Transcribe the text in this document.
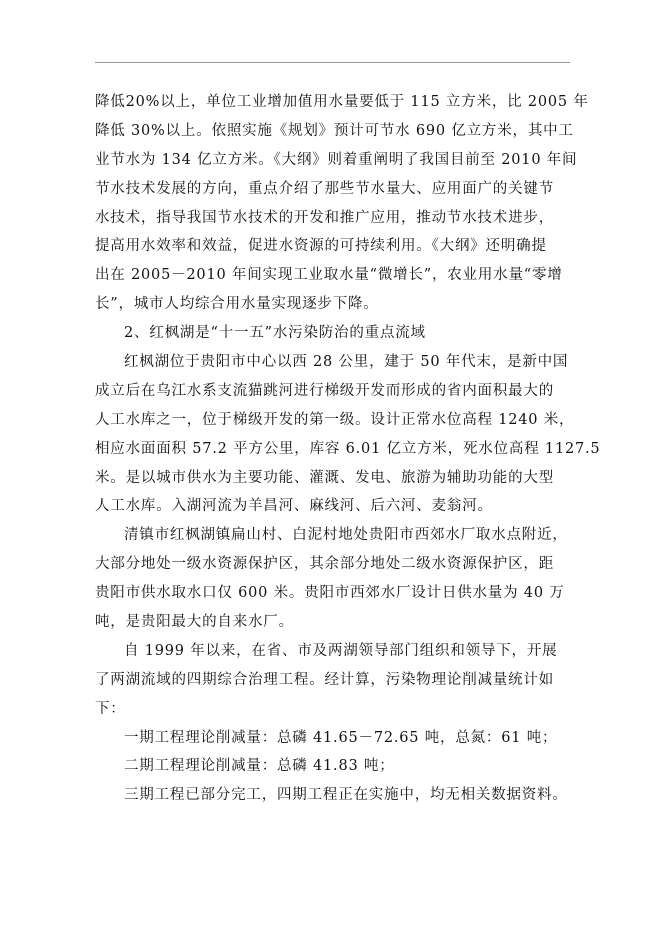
降低20%以上，单位工业增加值用水量要低于 115 立方米，比 2005 年
降低 30%以上。依照实施《规划》预计可节水 690 亿立方米，其中工
业节水为 134 亿立方米。《大纲》则着重阐明了我国目前至 2010 年间
节水技术发展的方向，重点介绍了那些节水量大、应用面广的关键节
水技术，指导我国节水技术的开发和推广应用，推动节水技术进步，
提高用水效率和效益，促进水资源的可持续利用。《大纲》还明确提
出在 2005－2010 年间实现工业取水量“微增长”，农业用水量“零增
长”，城市人均综合用水量实现逐步下降。
2、红枫湖是“十一五”水污染防治的重点流域
红枫湖位于贵阳市中心以西 28 公里，建于 50 年代末，是新中国
成立后在乌江水系支流猫跳河进行梯级开发而形成的省内面积最大的
人工水库之一，位于梯级开发的第一级。设计正常水位高程 1240 米，
相应水面面积 57.2 平方公里，库容 6.01 亿立方米，死水位高程 1127.5
米。是以城市供水为主要功能、灌溉、发电、旅游为辅助功能的大型
人工水库。入湖河流为羊昌河、麻线河、后六河、麦翁河。
清镇市红枫湖镇扁山村、白泥村地处贵阳市西郊水厂取水点附近，
大部分地处一级水资源保护区，其余部分地处二级水资源保护区，距
贵阳市供水取水口仅 600 米。贵阳市西郊水厂设计日供水量为 40 万
吨，是贵阳最大的自来水厂。
自 1999 年以来，在省、市及两湖领导部门组织和领导下，开展
了两湖流域的四期综合治理工程。经计算，污染物理论削减量统计如
下：
一期工程理论削减量：总磷 41.65－72.65 吨，总氮：61 吨；
二期工程理论削减量：总磷 41.83 吨；
三期工程已部分完工，四期工程正在实施中，均无相关数据资料。
